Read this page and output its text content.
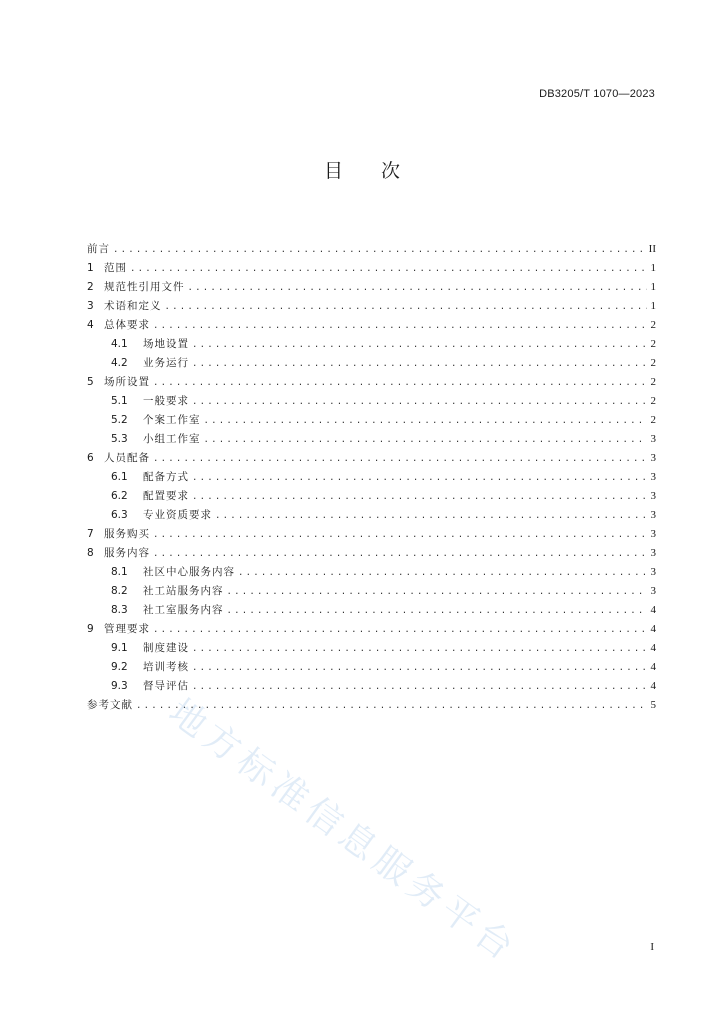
DB3205/T 1070—2023
目 次
前言 .....	II
1 范围 .....	1
2 规范性引用文件 .....	1
3 术语和定义 .....	1
4 总体要求 .....	2
4.1	场地设置 .....	2
4.2	业务运行 .....	2
5 场所设置 .....	2
5.1	一般要求 .....	2
5.2	个案工作室 .....	2
5.3	小组工作室 .....	3
6 人员配备 .....	3
6.1	配备方式 .....	3
6.2	配置要求 .....	3
6.3	专业资质要求 .....	3
7 服务购买 .....	3
8 服务内容 .....	3
8.1	社区中心服务内容 .....	3
8.2	社工站服务内容 .....	3
8.3	社工室服务内容 .....	4
9 管理要求 .....	4
9.1	制度建设 .....	4
9.2	培训考核 .....	4
9.3	督导评估 .....	4
参考文献 .....	5
地方标准信息服务平台	I
